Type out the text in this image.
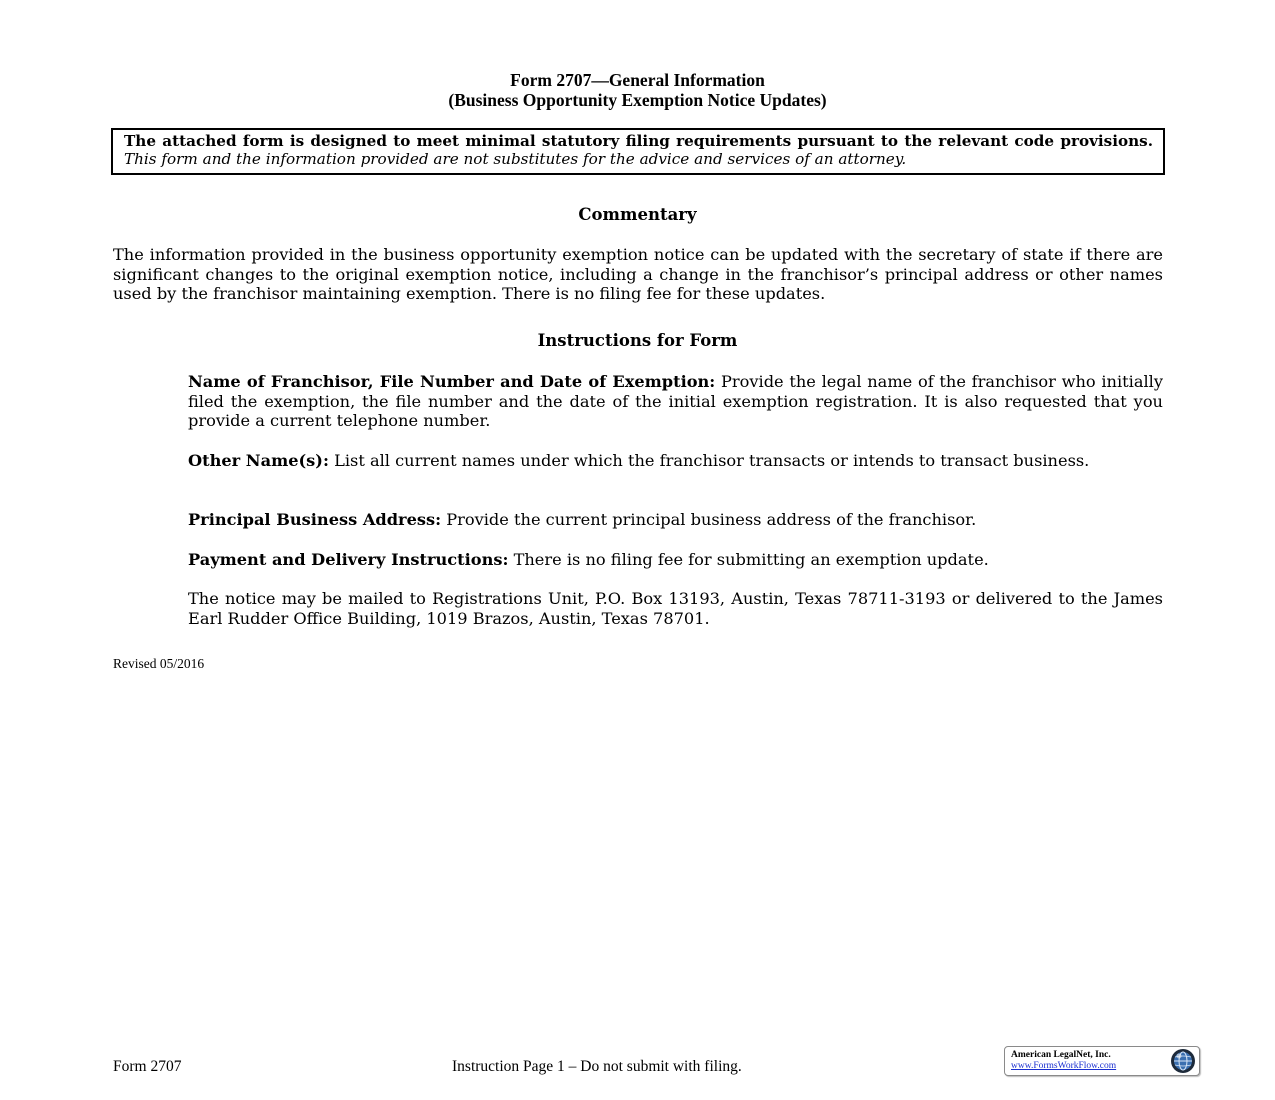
Form 2707—General Information
(Business Opportunity Exemption Notice Updates)
The attached form is designed to meet minimal statutory filing requirements pursuant to the relevant code provisions. This form and the information provided are not substitutes for the advice and services of an attorney.
Commentary
The information provided in the business opportunity exemption notice can be updated with the secretary of state if there are significant changes to the original exemption notice, including a change in the franchisor’s principal address or other names used by the franchisor maintaining exemption. There is no filing fee for these updates.
Instructions for Form
Name of Franchisor, File Number and Date of Exemption: Provide the legal name of the franchisor who initially filed the exemption, the file number and the date of the initial exemption registration. It is also requested that you provide a current telephone number.
Other Name(s): List all current names under which the franchisor transacts or intends to transact business.
Principal Business Address: Provide the current principal business address of the franchisor.
Payment and Delivery Instructions: There is no filing fee for submitting an exemption update.
The notice may be mailed to Registrations Unit, P.O. Box 13193, Austin, Texas 78711-3193 or delivered to the James Earl Rudder Office Building, 1019 Brazos, Austin, Texas 78701.
Revised 05/2016
Form 2707	Instruction Page 1 – Do not submit with filing.
American LegalNet, Inc.
www.FormsWorkFlow.com
